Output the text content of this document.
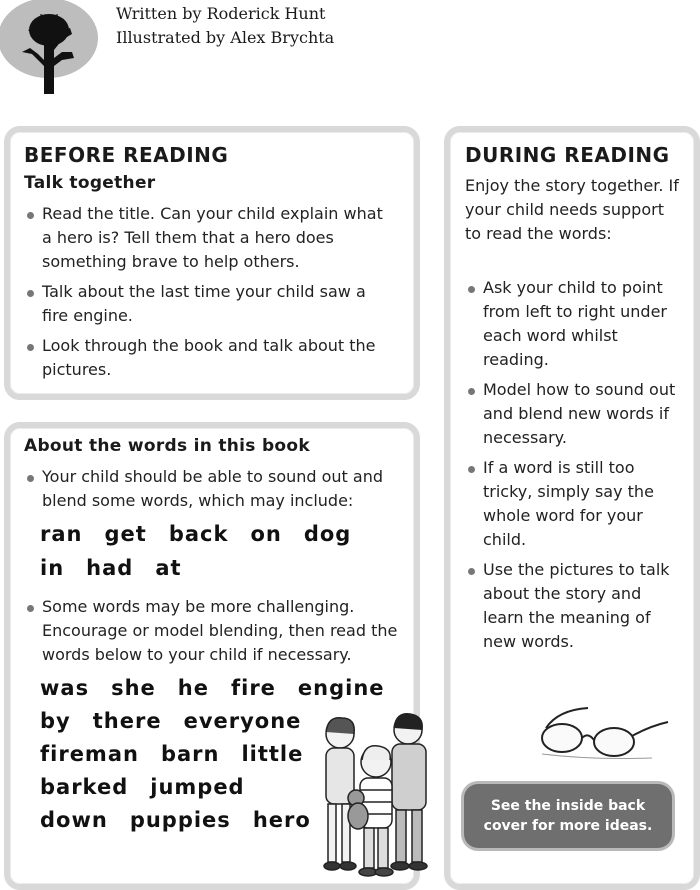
Written by Roderick Hunt
Illustrated by Alex Brychta
BEFORE READING
Talk together
Read the title. Can your child explain what a hero is? Tell them that a hero does something brave to help others.
Talk about the last time your child saw a fire engine.
Look through the book and talk about the pictures.
About the words in this book
Your child should be able to sound out and blend some words, which may include:
ran get back on dog
in had at
Some words may be more challenging. Encourage or model blending, then read the words below to your child if necessary.
was she he fire engine
by there everyone
fireman barn little
barked jumped
down puppies hero
DURING READING

Enjoy the story together. If your child needs support to read the words:

Ask your child to point from left to right under each word whilst reading.
Model how to sound out and blend new words if necessary.
If a word is still too tricky, simply say the whole word for your child.
Use the pictures to talk about the story and learn the meaning of new words.
See the inside back cover for more ideas.
